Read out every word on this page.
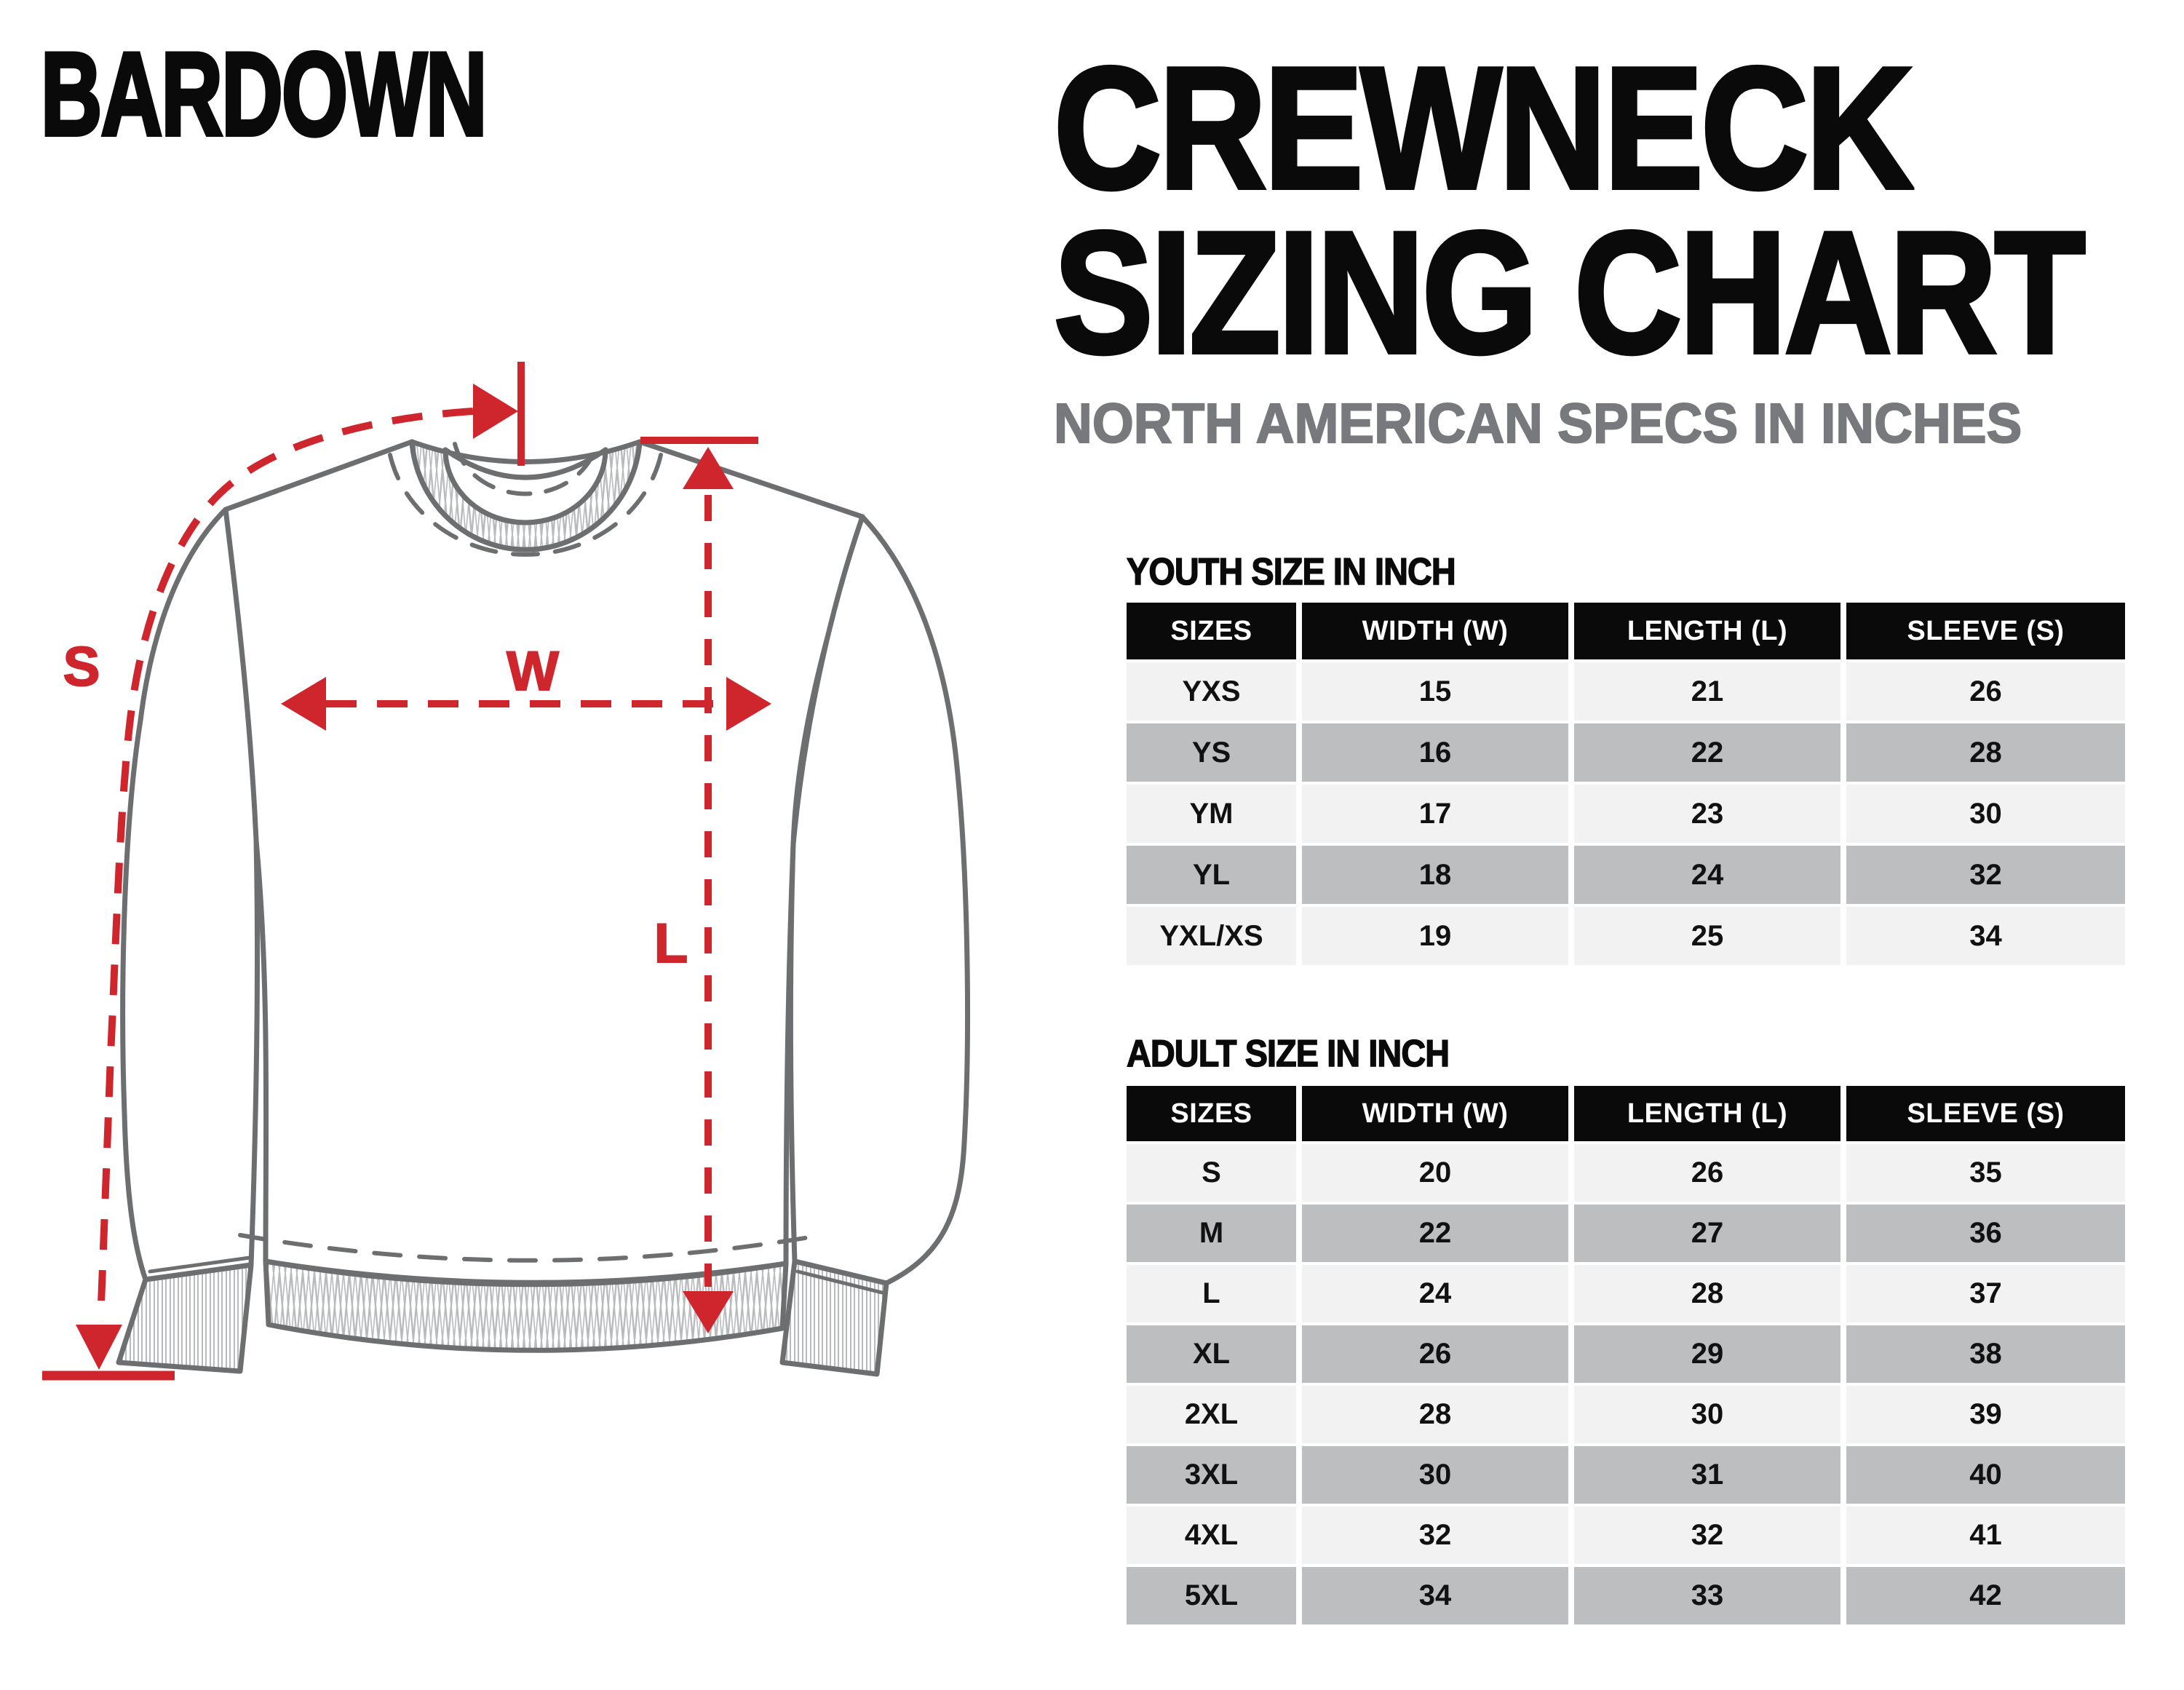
BARDOWN
S	W
L
CREWNECK
SIZING CHART
NORTH AMERICAN SPECS IN INCHES
YOUTH SIZE IN INCH
SIZES	WIDTH (W)	LENGTH (L)	SLEEVE (S)
YXS	15	21	26
YS	16	22	28
YM	17	23	30
YL	18	24	32
YXL/XS	19	25	34
ADULT SIZE IN INCH
SIZES	WIDTH (W)	LENGTH (L)	SLEEVE (S)
S	20	26	35
M	22	27	36
L	24	28	37
XL	26	29	38
2XL	28	30	39
3XL	30	31	40
4XL	32	32	41
5XL	34	33	42
